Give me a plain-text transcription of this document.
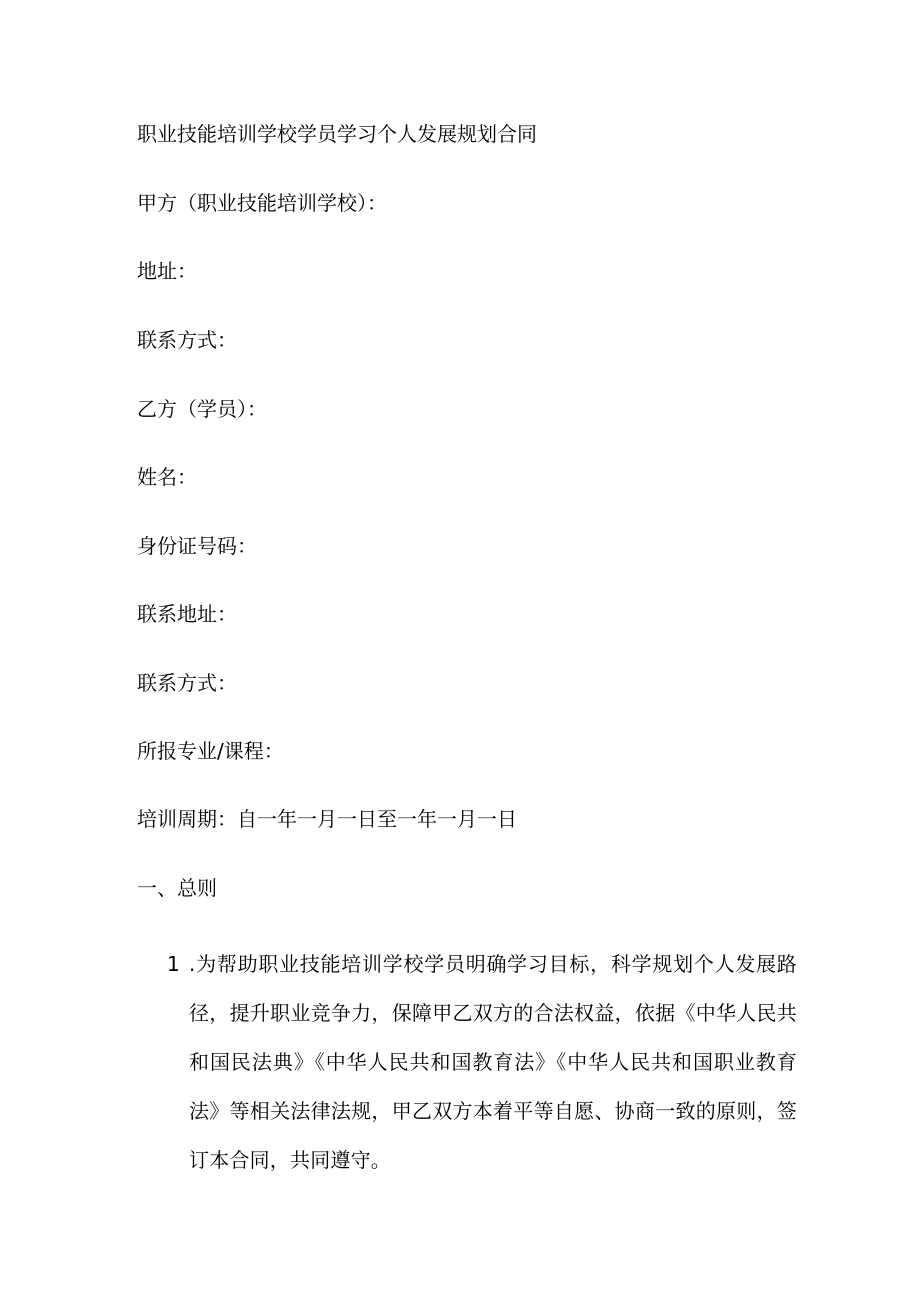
职业技能培训学校学员学习个人发展规划合同

甲方（职业技能培训学校）：

地址：

联系方式：

乙方（学员）：

姓名：

身份证号码：

联系地址：

联系方式：

所报专业/课程：

培训周期：自一年一月一日至一年一月一日

一、总则

1 .为帮助职业技能培训学校学员明确学习目标，科学规划个人发展路径，提升职业竞争力，保障甲乙双方的合法权益，依据《中华人民共和国民法典》《中华人民共和国教育法》《中华人民共和国职业教育法》等相关法律法规，甲乙双方本着平等自愿、协商一致的原则，签订本合同，共同遵守。
